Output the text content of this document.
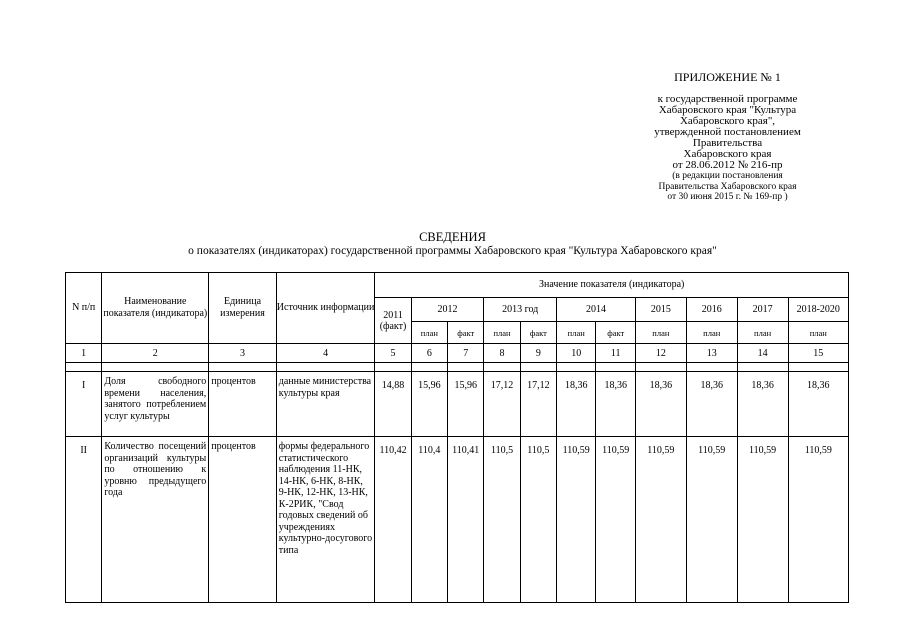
ПРИЛОЖЕНИЕ № 1
к государственной программе
Хабаровского края "Культура
Хабаровского края",
утвержденной постановлением
Правительства
Хабаровского края
от 28.06.2012 № 216-пр
(в редакции постановления
Правительства Хабаровского края
от 30 июня 2015 г. № 169-пр )
СВЕДЕНИЯ
о показателях (индикаторах) государственной программы Хабаровского края "Культура Хабаровского края"
N п/п	Наименование показателя (индикатора)	Единица измерения	Источник информации	Значение показателя (индикатора)										
				2011 (факт)	2012		2013 год		2014		2015	2016	2017	2018-2020
					план	факт	план	факт	план	факт	план	план	план	план
1	2	3	4	5	6	7	8	9	10	11	12	13	14	15

I	Доля свободного времени населения, занятого потреблением услуг культуры	процентов	данные министерства культуры края	14,88	15,96	15,96	17,12	17,12	18,36	18,36	18,36	18,36	18,36	18,36
II	Количество посещений организаций культуры по отношению к уровню предыдущего года	процентов	формы федерального статистического наблюдения 11-НК, 14-НК, 6-НК, 8-НК, 9-НК, 12-НК, 13-НК, К-2РИК, "Свод годовых сведений об учреждениях культурно-досугового типа	110,42	110,4	110,41	110,5	110,5	110,59	110,59	110,59	110,59	110,59	110,59
